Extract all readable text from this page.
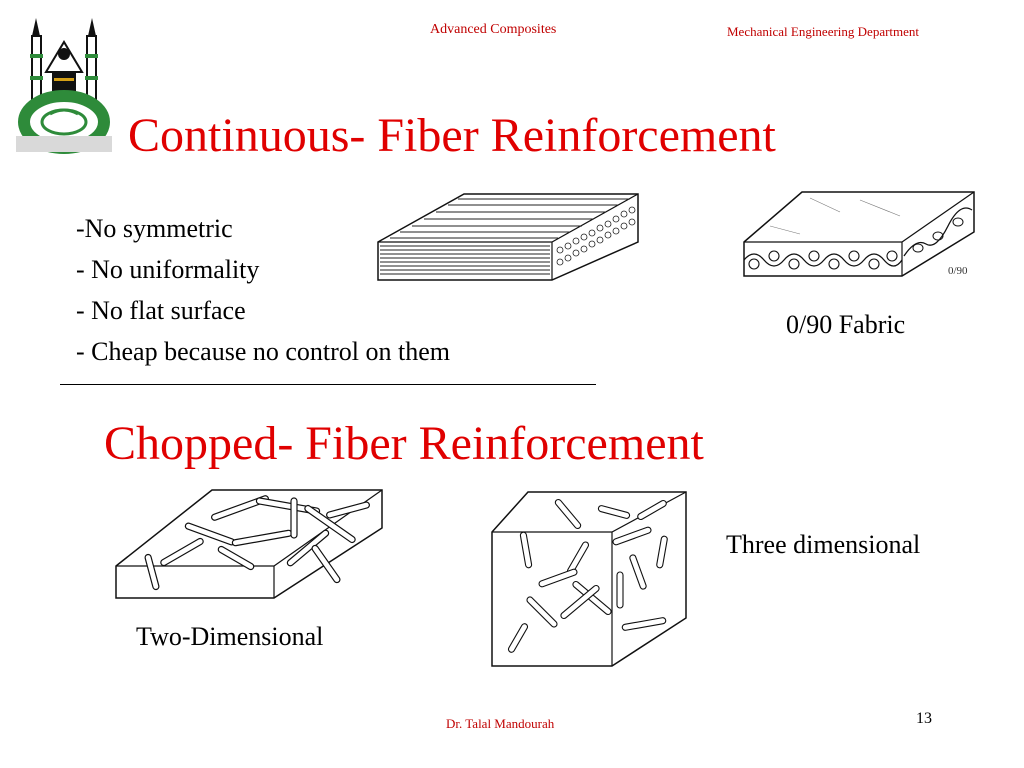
Advanced Composites	Mechanical Engineering Department
Continuous- Fiber Reinforcement
-No symmetric
- No uniformality
- No flat surface
- Cheap because no control on them
0/90
0/90 Fabric
Chopped- Fiber Reinforcement
Two-Dimensional
Three dimensional
Dr. Talal Mandourah	13
